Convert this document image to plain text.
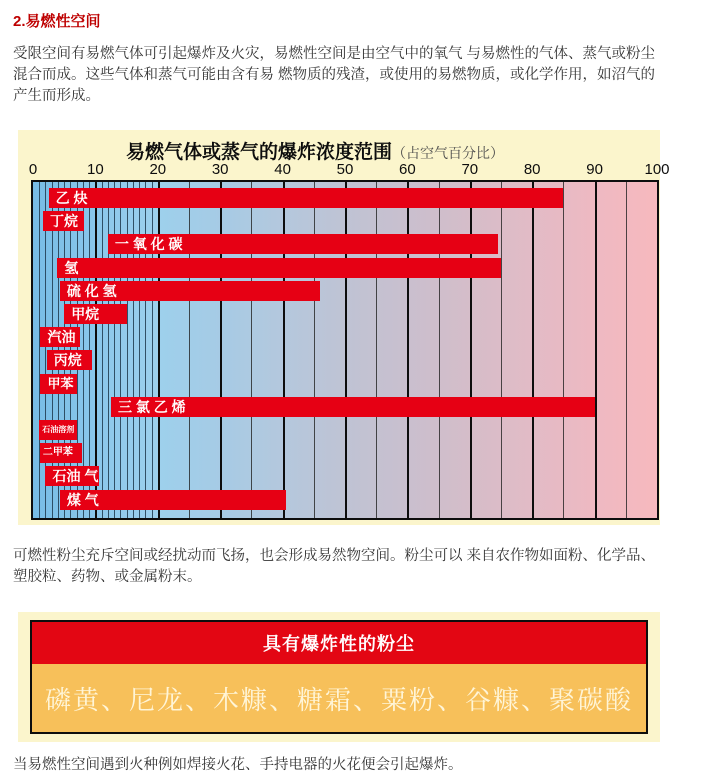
2.易燃性空间

受限空间有易燃气体可引起爆炸及火灾，易燃性空间是由空气中的氧气 与易燃性的气体、蒸气或粉尘混合而成。这些气体和蒸气可能由含有易 燃物质的残渣，或使用的易燃物质，或化学作用，如沼气的产生而形成。

易燃气体或蒸气的爆炸浓度范围（占空气百分比）
0	10	20	30	40	50	60	70	80	90	100
乙 炔
丁烷
一 氧 化 碳
氢
硫 化 氢
甲烷
汽油
丙烷
甲苯
三 氯 乙 烯
石油溶剂
二甲苯
石油 气
煤 气

可燃性粉尘充斥空间或经扰动而飞扬，也会形成易然物空间。粉尘可以 来自农作物如面粉、化学品、塑胶粒、药物、或金属粉末。

具有爆炸性的粉尘
磷黄、尼龙、木糠、糖霜、粟粉、谷糠、聚碳酸

当易燃性空间遇到火种例如焊接火花、手持电器的火花便会引起爆炸。
